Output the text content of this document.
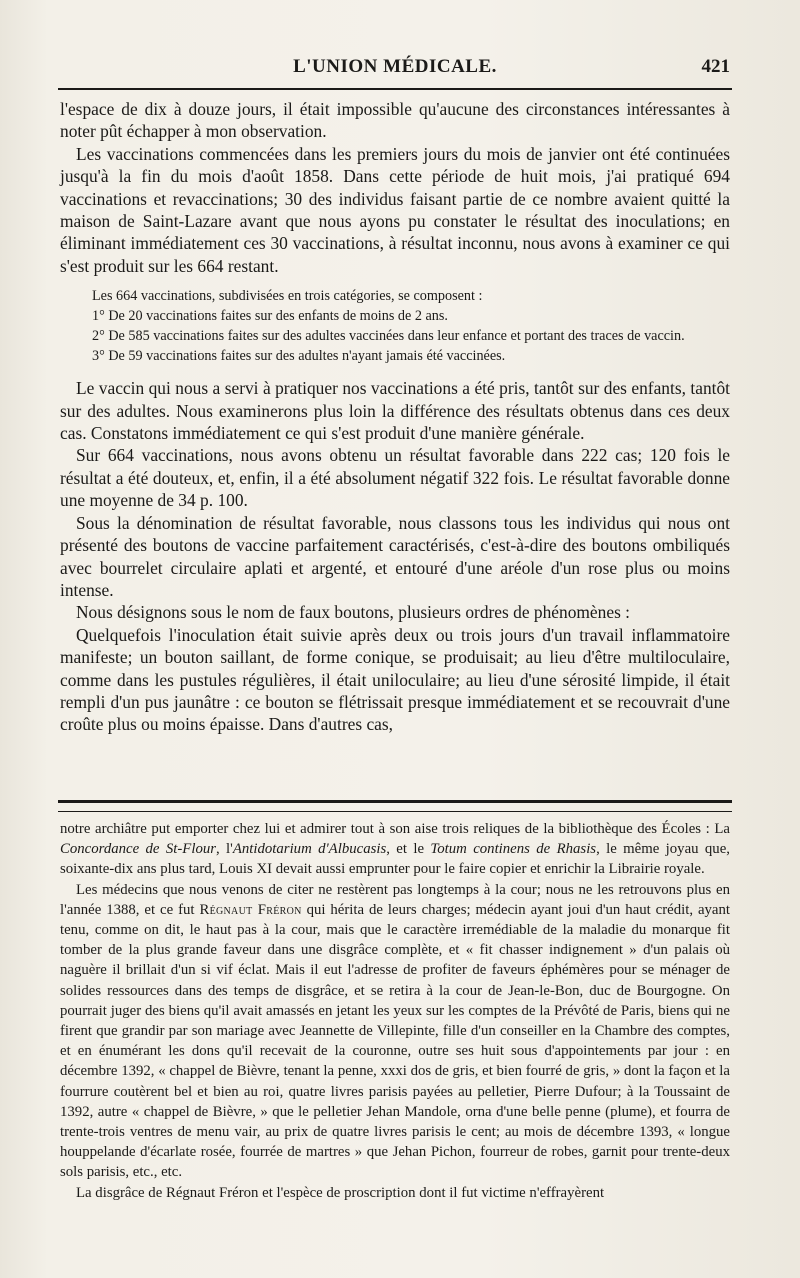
L'UNION MÉDICALE.	421

l'espace de dix à douze jours, il était impossible qu'aucune des circonstances intéressantes à noter pût échapper à mon observation.

Les vaccinations commencées dans les premiers jours du mois de janvier ont été continuées jusqu'à la fin du mois d'août 1858. Dans cette période de huit mois, j'ai pratiqué 694 vaccinations et revaccinations; 30 des individus faisant partie de ce nombre avaient quitté la maison de Saint-Lazare avant que nous ayons pu constater le résultat des inoculations; en éliminant immédiatement ces 30 vaccinations, à résultat inconnu, nous avons à examiner ce qui s'est produit sur les 664 restant.

Les 664 vaccinations, subdivisées en trois catégories, se composent :

1° De 20 vaccinations faites sur des enfants de moins de 2 ans.

2° De 585 vaccinations faites sur des adultes vaccinées dans leur enfance et portant des traces de vaccin.

3° De 59 vaccinations faites sur des adultes n'ayant jamais été vaccinées.

Le vaccin qui nous a servi à pratiquer nos vaccinations a été pris, tantôt sur des enfants, tantôt sur des adultes. Nous examinerons plus loin la différence des résultats obtenus dans ces deux cas. Constatons immédiatement ce qui s'est produit d'une manière générale.

Sur 664 vaccinations, nous avons obtenu un résultat favorable dans 222 cas; 120 fois le résultat a été douteux, et, enfin, il a été absolument négatif 322 fois. Le résultat favorable donne une moyenne de 34 p. 100.

Sous la dénomination de résultat favorable, nous classons tous les individus qui nous ont présenté des boutons de vaccine parfaitement caractérisés, c'est-à-dire des boutons ombiliqués avec bourrelet circulaire aplati et argenté, et entouré d'une aréole d'un rose plus ou moins intense.

Nous désignons sous le nom de faux boutons, plusieurs ordres de phénomènes :

Quelquefois l'inoculation était suivie après deux ou trois jours d'un travail inflammatoire manifeste; un bouton saillant, de forme conique, se produisait; au lieu d'être multiloculaire, comme dans les pustules régulières, il était uniloculaire; au lieu d'une sérosité limpide, il était rempli d'un pus jaunâtre : ce bouton se flétrissait presque immédiatement et se recouvrait d'une croûte plus ou moins épaisse. Dans d'autres cas,

notre archiâtre put emporter chez lui et admirer tout à son aise trois reliques de la bibliothèque des Écoles : La Concordance de St-Flour, l'Antidotarium d'Albucasis, et le Totum continens de Rhasis, le même joyau que, soixante-dix ans plus tard, Louis XI devait aussi emprunter pour le faire copier et enrichir la Librairie royale.

Les médecins que nous venons de citer ne restèrent pas longtemps à la cour; nous ne les retrouvons plus en l'année 1388, et ce fut Régnaut Fréron qui hérita de leurs charges; médecin ayant joui d'un haut crédit, ayant tenu, comme on dit, le haut pas à la cour, mais que le caractère irremédiable de la maladie du monarque fit tomber de la plus grande faveur dans une disgrâce complète, et « fit chasser indignement » d'un palais où naguère il brillait d'un si vif éclat. Mais il eut l'adresse de profiter de faveurs éphémères pour se ménager de solides ressources dans des temps de disgrâce, et se retira à la cour de Jean-le-Bon, duc de Bourgogne. On pourrait juger des biens qu'il avait amassés en jetant les yeux sur les comptes de la Prévôté de Paris, biens qui ne firent que grandir par son mariage avec Jeannette de Villepinte, fille d'un conseiller en la Chambre des comptes, et en énumérant les dons qu'il recevait de la couronne, outre ses huit sous d'appointements par jour : en décembre 1392, « chappel de Bièvre, tenant la penne, xxxi dos de gris, et bien fourré de gris, » dont la façon et la fourrure coutèrent bel et bien au roi, quatre livres parisis payées au pelletier, Pierre Dufour; à la Toussaint de 1392, autre « chappel de Bièvre, » que le pelletier Jehan Mandole, orna d'une belle penne (plume), et fourra de trente-trois ventres de menu vair, au prix de quatre livres parisis le cent; au mois de décembre 1393, « longue houppelande d'écarlate rosée, fourrée de martres » que Jehan Pichon, fourreur de robes, garnit pour trente-deux sols parisis, etc., etc.

La disgrâce de Régnaut Fréron et l'espèce de proscription dont il fut victime n'effrayèrent
